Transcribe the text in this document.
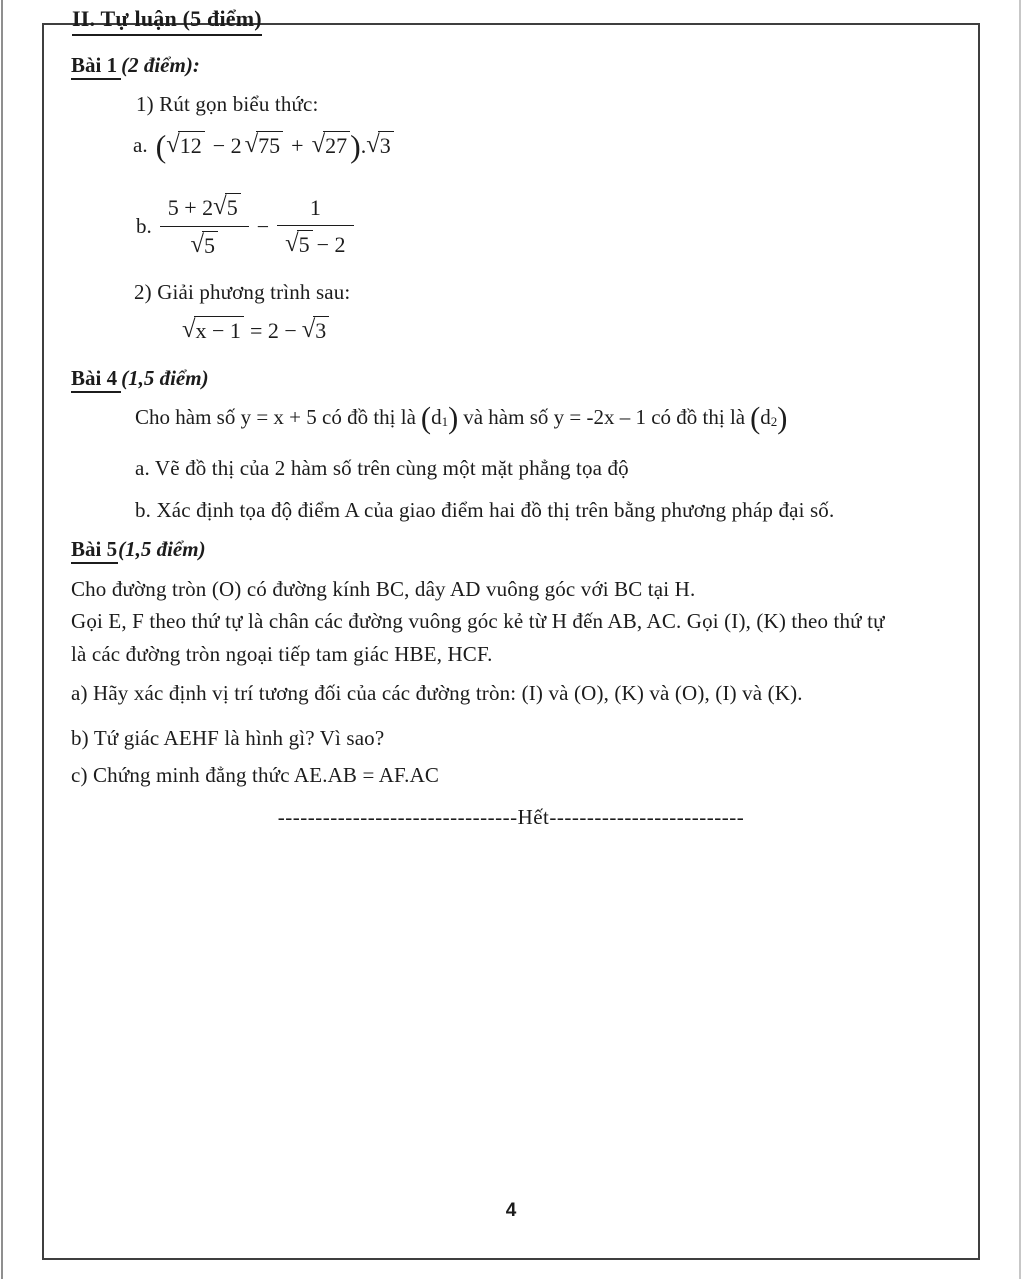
II. Tự luận (5 điểm)
Bài 1 (2 điểm):
1) Rút gọn biểu thức:
a. ( √12 − 2 √75 + √27 ) . √3
b. $\frac{5 + 2√5}{√5} - \frac{1}{√5 - 2}$
2) Giải phương trình sau:
√x − 1 = 2 − √3
Bài 4 (1,5 điểm)
Cho hàm số y = x + 5 có đồ thị là ( $d_1$ ) và hàm số y = -2x – 1 có đồ thị là ( $d_2$ )
a. Vẽ đồ thị của 2 hàm số trên cùng một mặt phẳng tọa độ
b. Xác định tọa độ điểm A của giao điểm hai đồ thị trên bằng phương pháp đại số.
Bài 5(1,5 điểm)
Cho đường tròn (O) có đường kính BC, dây AD vuông góc với BC tại H.
Gọi E, F theo thứ tự là chân các đường vuông góc kẻ từ H đến AB, AC. Gọi (I), (K) theo thứ tự
là các đường tròn ngoại tiếp tam giác HBE, HCF.
a) Hãy xác định vị trí tương đối của các đường tròn: (I) và (O), (K) và (O), (I) và (K).
b) Tứ giác AEHF là hình gì? Vì sao?
c) Chứng minh đẳng thức AE.AB = AF.AC
--------------------------------Hết--------------------------
4
